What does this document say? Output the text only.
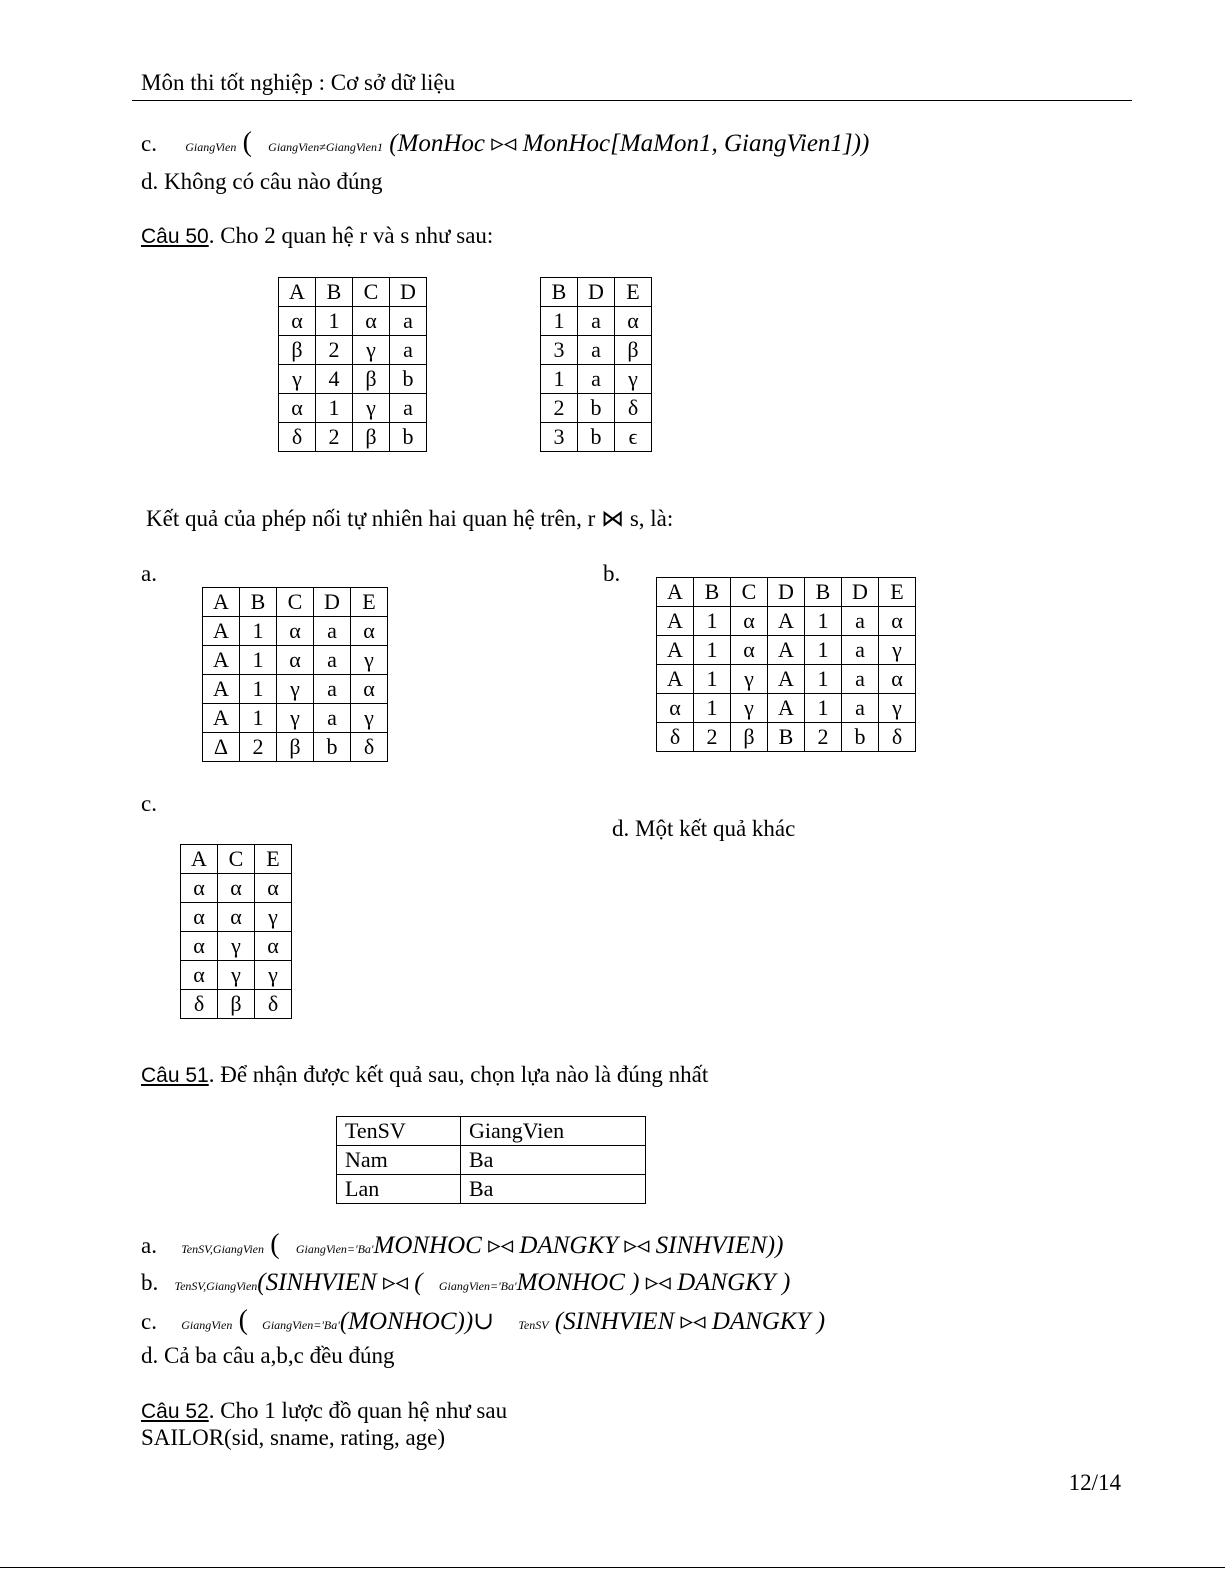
Môn thi tốt nghiệp : Cơ sở dữ liệu
c. GiangVien ( GiangVien≠GiangVien1 (MonHoc ▹◃ MonHoc[MaMon1, GiangVien1]))
d. Không có câu nào đúng
Câu 50. Cho 2 quan hệ r và s như sau:
A	B	C	D
α	1	α	a
β	2	γ	a
γ	4	β	b
α	1	γ	a
δ	2	β	b
B	D	E
1	a	α
3	a	β
1	a	γ
2	b	δ
3	b	ϵ
Kết quả của phép nối tự nhiên hai quan hệ trên, r ⋈ s, là:
a.
A	B	C	D	E
A	1	α	a	α
A	1	α	a	γ
A	1	γ	a	α
A	1	γ	a	γ
Δ	2	β	b	δ
b.
A	B	C	D	B	D	E
A	1	α	A	1	a	α
A	1	α	A	1	a	γ
A	1	γ	A	1	a	α
α	1	γ	A	1	a	γ
δ	2	β	B	2	b	δ
c.
A	C	E
α	α	α
α	α	γ
α	γ	α
α	γ	γ
δ	β	δ
d. Một kết quả khác
Câu 51. Để nhận được kết quả sau, chọn lựa nào là đúng nhất
TenSV	GiangVien
Nam	Ba
Lan	Ba
a. TenSV,GiangVien ( GiangVien='Ba'MONHOC ▹◃ DANGKY ▹◃ SINHVIEN))
b. TenSV,GiangVien(SINHVIEN ▹◃ ( GiangVien='Ba'MONHOC ) ▹◃ DANGKY )
c. GiangVien ( GiangVien='Ba'(MONHOC))∪ TenSV (SINHVIEN ▹◃ DANGKY )
d. Cả ba câu a,b,c đều đúng
Câu 52. Cho 1 lược đồ quan hệ như sau
SAILOR(sid, sname, rating, age)
12/14
